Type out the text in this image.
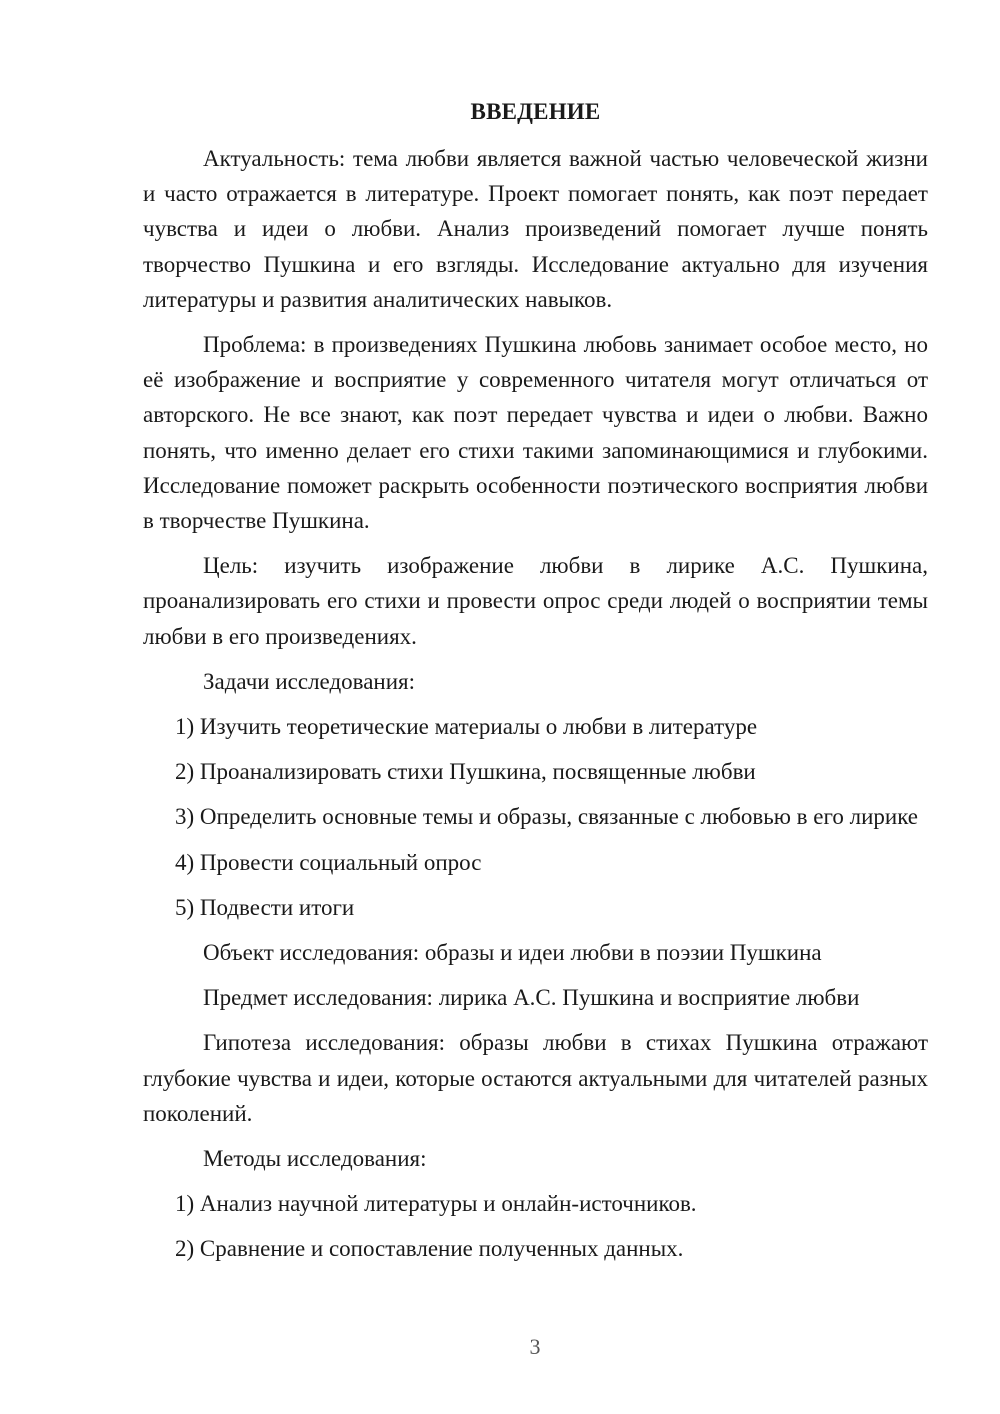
ВВЕДЕНИЕ

Актуальность: тема любви является важной частью человеческой жизни и часто отражается в литературе. Проект помогает понять, как поэт передает чувства и идеи о любви. Анализ произведений помогает лучше понять творчество Пушкина и его взгляды. Исследование актуально для изучения литературы и развития аналитических навыков.

Проблема: в произведениях Пушкина любовь занимает особое место, но её изображение и восприятие у современного читателя могут отличаться от авторского. Не все знают, как поэт передает чувства и идеи о любви. Важно понять, что именно делает его стихи такими запоминающимися и глубокими. Исследование поможет раскрыть особенности поэтического восприятия любви в творчестве Пушкина.

Цель: изучить изображение любви в лирике А.С. Пушкина, проанализировать его стихи и провести опрос среди людей о восприятии темы любви в его произведениях.

Задачи исследования:

1) Изучить теоретические материалы о любви в литературе

2) Проанализировать стихи Пушкина, посвященные любви

3) Определить основные темы и образы, связанные с любовью в его лирике

4) Провести социальный опрос

5) Подвести итоги

Объект исследования: образы и идеи любви в поэзии Пушкина

Предмет исследования: лирика А.С. Пушкина и восприятие любви

Гипотеза исследования: образы любви в стихах Пушкина отражают глубокие чувства и идеи, которые остаются актуальными для читателей разных поколений.

Методы исследования:

1) Анализ научной литературы и онлайн-источников.

2) Сравнение и сопоставление полученных данных.

3
